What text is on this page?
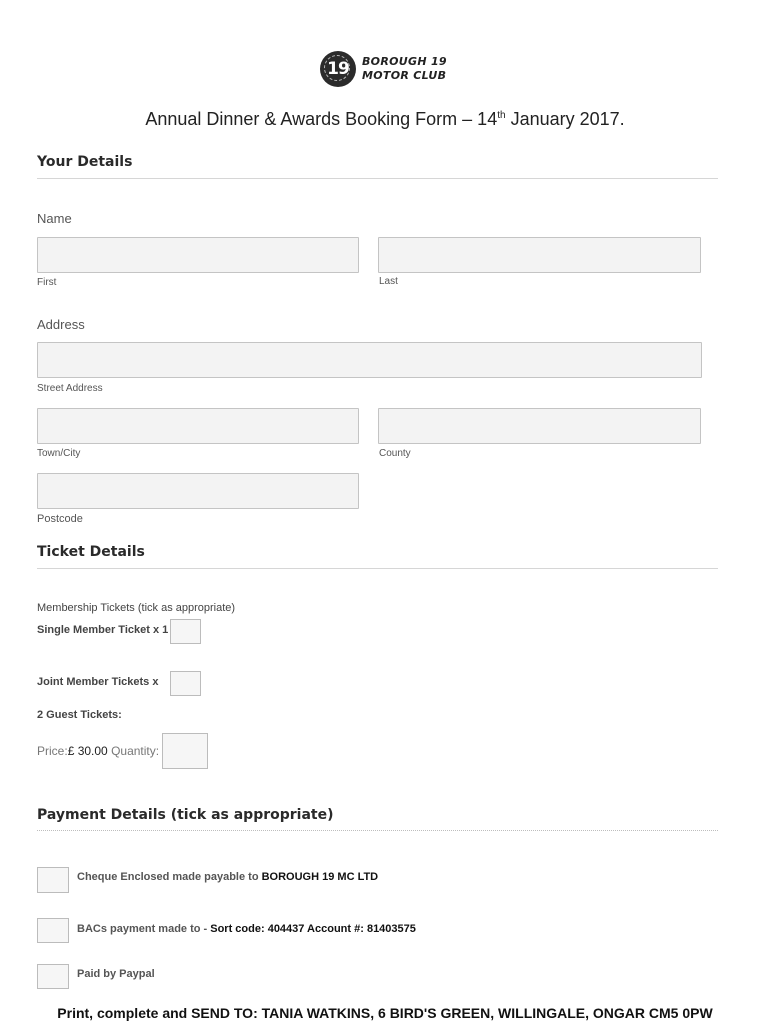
19	BOROUGH 19
MOTOR CLUB
Annual Dinner & Awards Booking Form – 14th January 2017.
Your Details
Name
First	Last
Address
Street Address
Town/City	County
Postcode
Ticket Details
Membership Tickets (tick as appropriate)
Single Member Ticket x 1
Joint Member Tickets x
2 Guest Tickets:
Price:£ 30.00 Quantity:
Payment Details (tick as appropriate)
Cheque Enclosed made payable to BOROUGH 19 MC LTD
BACs payment made to - Sort code: 404437 Account #: 81403575
Paid by Paypal
Print, complete and SEND TO: TANIA WATKINS, 6 BIRD'S GREEN, WILLINGALE, ONGAR CM5 0PW
